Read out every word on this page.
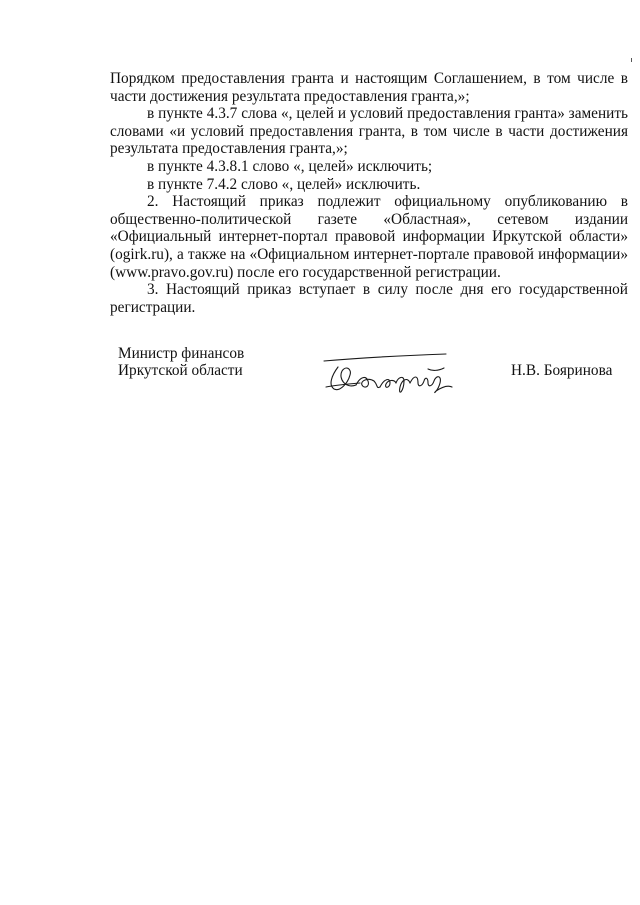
Порядком предоставления гранта и настоящим Соглашением, в том числе в части достижения результата предоставления гранта,»;

в пункте 4.3.7 слова «, целей и условий предоставления гранта» заменить словами «и условий предоставления гранта, в том числе в части достижения результата предоставления гранта,»;

в пункте 4.3.8.1 слово «, целей» исключить;

в пункте 7.4.2 слово «, целей» исключить.

2. Настоящий приказ подлежит официальному опубликованию в общественно-политической газете «Областная», сетевом издании «Официальный интернет-портал правовой информации Иркутской области» (ogirk.ru), а также на «Официальном интернет-портале правовой информации» (www.pravo.gov.ru) после его государственной регистрации.

3. Настоящий приказ вступает в силу после дня его государственной регистрации.

Министр финансов
Иркутской области	Н.В. Бояринова
